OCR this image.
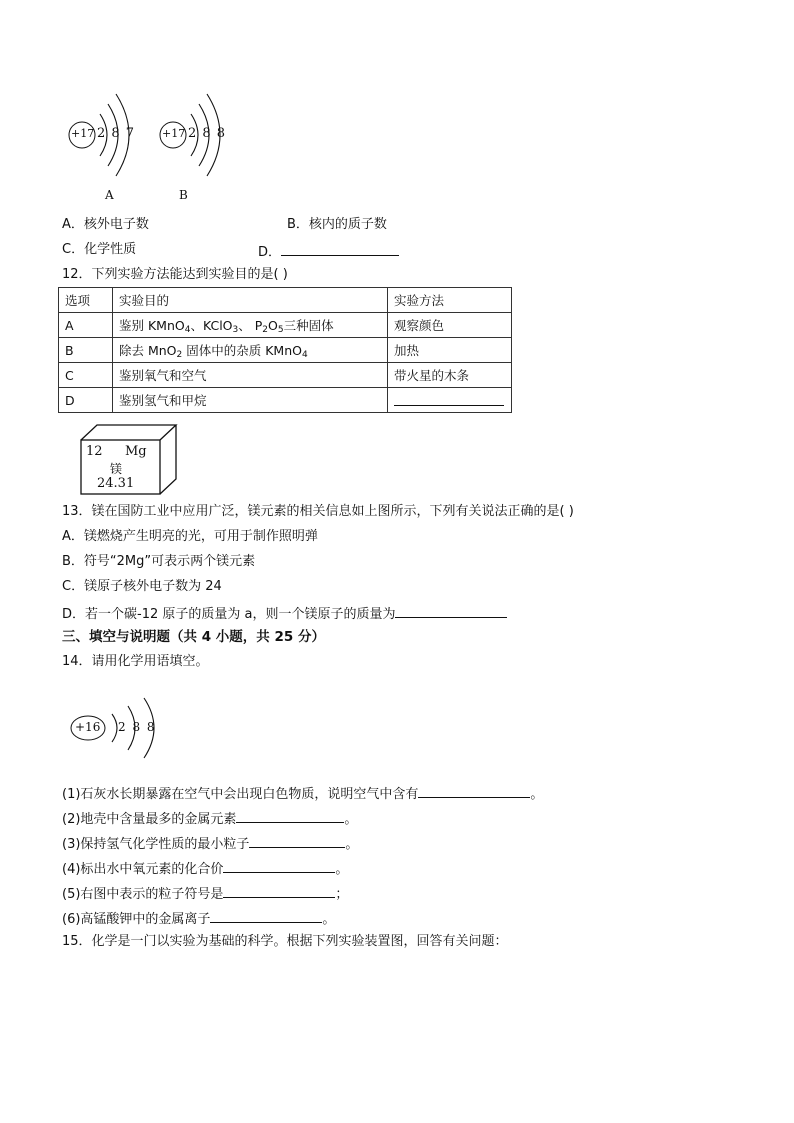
+17 2 8 7
A
+17 2 8 8
B
A．核外电子数	B．核内的质子数
C．化学性质	D．
12．下列实验方法能达到实验目的是( )
选项	实验目的	实验方法
A	鉴别 KMnO$_4$、KClO$_3$、 $P_2O_5$三种固体	观察颜色
B	除去 MnO$_2$ 固体中的杂质 KMnO$_4$	加热
C	鉴别氧气和空气	带火星的木条
D	鉴别氢气和甲烷	
12 Mg
镁
24.31
13．镁在国防工业中应用广泛，镁元素的相关信息如上图所示，下列有关说法正确的是( )
A．镁燃烧产生明亮的光，可用于制作照明弹
B．符号“2Mg”可表示两个镁元素
C．镁原子核外电子数为 24
D．若一个碳-12 原子的质量为 a，则一个镁原子的质量为
三、填空与说明题（共 4 小题，共 25 分）
14．请用化学用语填空。
+16 2 8 8
(1)石灰水长期暴露在空气中会出现白色物质，说明空气中含有	。
(2)地壳中含量最多的金属元素	。
(3)保持氢气化学性质的最小粒子	。
(4)标出水中氧元素的化合价	。
(5)右图中表示的粒子符号是	；
(6)高锰酸钾中的金属离子	。
15．化学是一门以实验为基础的科学。根据下列实验装置图，回答有关问题：
